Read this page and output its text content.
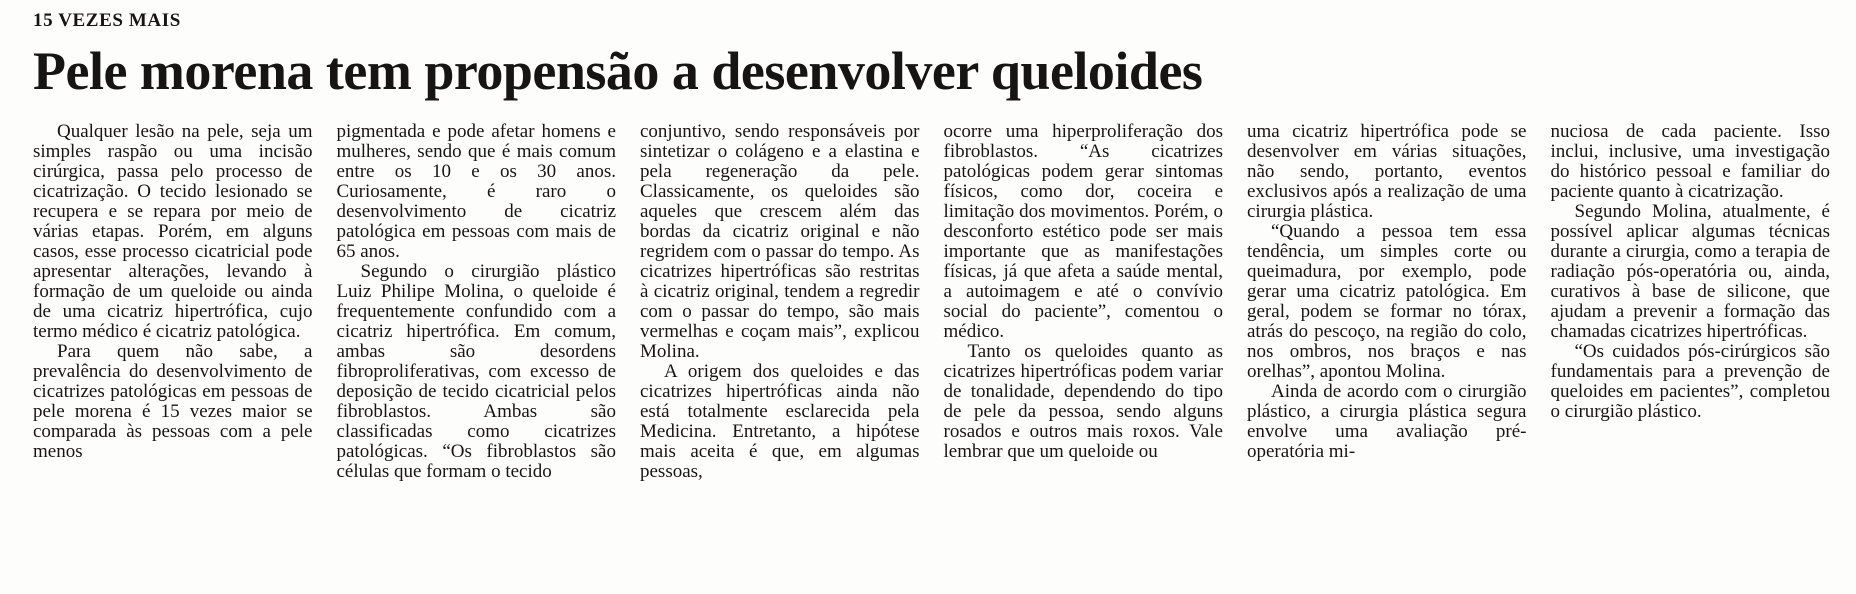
15 VEZES MAIS
Pele morena tem propensão a desenvolver queloides

Qualquer lesão na pele, seja um simples raspão ou uma incisão cirúrgica, passa pelo processo de cicatrização. O tecido lesionado se recupera e se repara por meio de várias etapas. Porém, em alguns casos, esse processo cicatricial pode apresentar alterações, levando à formação de um queloide ou ainda de uma cicatriz hipertrófica, cujo termo médico é cicatriz patológica.

Para quem não sabe, a prevalência do desenvolvimento de cicatrizes patológicas em pessoas de pele morena é 15 vezes maior se comparada às pessoas com a pele menos

pigmentada e pode afetar homens e mulheres, sendo que é mais comum entre os 10 e os 30 anos. Curiosamente, é raro o desenvolvimento de cicatriz patológica em pessoas com mais de 65 anos.

Segundo o cirurgião plástico Luiz Philipe Molina, o queloide é frequentemente confundido com a cicatriz hipertrófica. Em comum, ambas são desordens fibroproliferativas, com excesso de deposição de tecido cicatricial pelos fibroblastos. Ambas são classificadas como cicatrizes patológicas. “Os fibroblastos são células que formam o tecido

conjuntivo, sendo responsáveis por sintetizar o colágeno e a elastina e pela regeneração da pele. Classicamente, os queloides são aqueles que crescem além das bordas da cicatriz original e não regridem com o passar do tempo. As cicatrizes hipertróficas são restritas à cicatriz original, tendem a regredir com o passar do tempo, são mais vermelhas e coçam mais”, explicou Molina.

A origem dos queloides e das cicatrizes hipertróficas ainda não está totalmente esclarecida pela Medicina. Entretanto, a hipótese mais aceita é que, em algumas pessoas,

ocorre uma hiperproliferação dos fibroblastos. “As cicatrizes patológicas podem gerar sintomas físicos, como dor, coceira e limitação dos movimentos. Porém, o desconforto estético pode ser mais importante que as manifestações físicas, já que afeta a saúde mental, a autoimagem e até o convívio social do paciente”, comentou o médico.

Tanto os queloides quanto as cicatrizes hipertróficas podem variar de tonalidade, dependendo do tipo de pele da pessoa, sendo alguns rosados e outros mais roxos. Vale lembrar que um queloide ou

uma cicatriz hipertrófica pode se desenvolver em várias situações, não sendo, portanto, eventos exclusivos após a realização de uma cirurgia plástica.

“Quando a pessoa tem essa tendência, um simples corte ou queimadura, por exemplo, pode gerar uma cicatriz patológica. Em geral, podem se formar no tórax, atrás do pescoço, na região do colo, nos ombros, nos braços e nas orelhas”, apontou Molina.

Ainda de acordo com o cirurgião plástico, a cirurgia plástica segura envolve uma avaliação pré-operatória mi-

nuciosa de cada paciente. Isso inclui, inclusive, uma investigação do histórico pessoal e familiar do paciente quanto à cicatrização.

Segundo Molina, atualmente, é possível aplicar algumas técnicas durante a cirurgia, como a terapia de radiação pós-operatória ou, ainda, curativos à base de silicone, que ajudam a prevenir a formação das chamadas cicatrizes hipertróficas.

“Os cuidados pós-cirúrgicos são fundamentais para a prevenção de queloides em pacientes”, completou o cirurgião plástico.
